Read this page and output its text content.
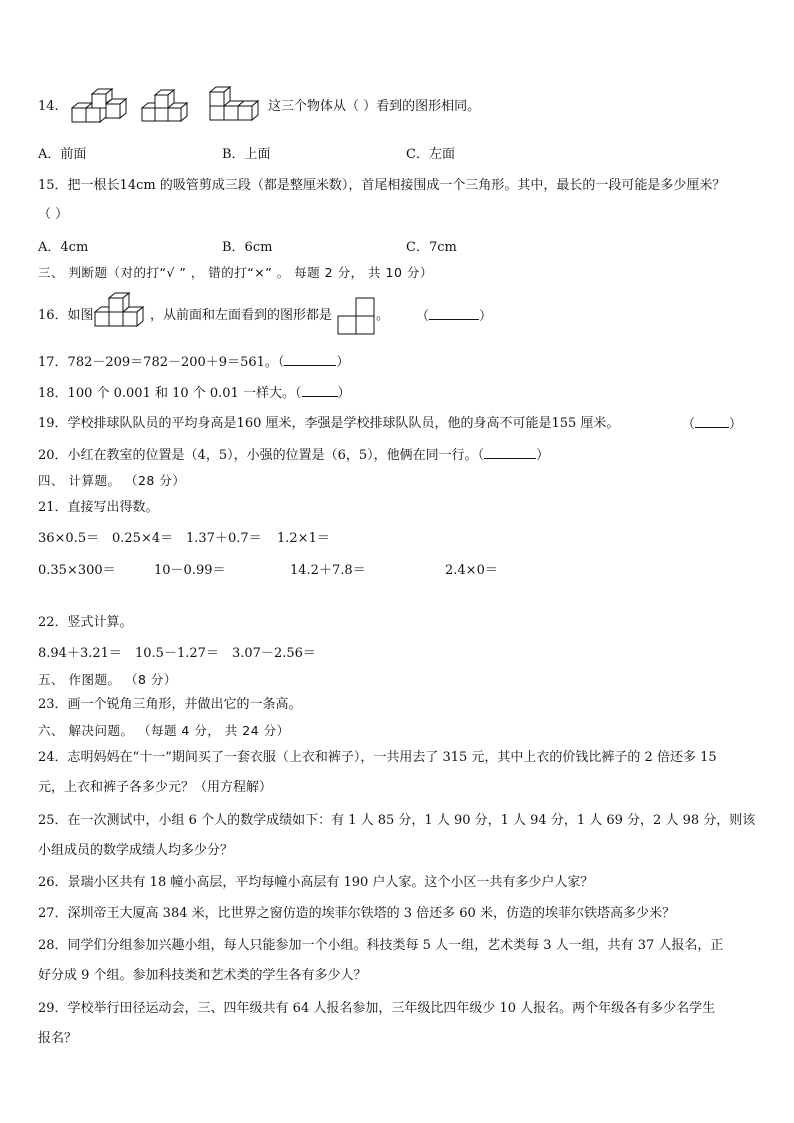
14.	这三个物体从（ ）看到的图形相同。
A．前面	B．上面	C．左面
15．把一根长14cm 的吸管剪成三段（都是整厘米数），首尾相接围成一个三角形。其中，最长的一段可能是多少厘米？
（ ）
A．4cm	B．6cm	C．7cm
三、 判断题（对的打“√ ” ， 错的打“×” 。 每题 2 分， 共 10 分）
16．如图	，从前面和左面看到的图形都是	。 （	）
17．782－209＝782－200＋9＝561。（	）
18．100 个 0.001 和 10 个 0.01 一样大。（	）
19．学校排球队队员的平均身高是160 厘米，李强是学校排球队队员，他的身高不可能是155 厘米。	（	）
20．小红在教室的位置是（4，5），小强的位置是（6，5），他俩在同一行。（	）
四、 计算题。 （28 分）
21．直接写出得数。
36×0.5＝ 0.25×4＝ 1.37＋0.7＝ 1.2×1＝
0.35×300＝	10－0.99＝	14.2＋7.8＝	2.4×0＝
22．竖式计算。
8.94＋3.21＝ 10.5－1.27＝ 3.07－2.56＝
五、 作图题。 （8 分）
23．画一个锐角三角形，并做出它的一条高。
六、 解决问题。 （每题 4 分， 共 24 分）
24．志明妈妈在“十一”期间买了一套衣服（上衣和裤子），一共用去了 315 元，其中上衣的价钱比裤子的 2 倍还多 15
元，上衣和裤子各多少元？（用方程解）
25．在一次测试中，小组 6 个人的数学成绩如下：有 1 人 85 分，1 人 90 分，1 人 94 分，1 人 69 分，2 人 98 分，则该
小组成员的数学成绩人均多少分？
26．景瑞小区共有 18 幢小高层，平均每幢小高层有 190 户人家。这个小区一共有多少户人家？
27．深圳帝王大厦高 384 米，比世界之窗仿造的埃菲尔铁塔的 3 倍还多 60 米，仿造的埃菲尔铁塔高多少米？
28．同学们分组参加兴趣小组，每人只能参加一个小组。科技类每 5 人一组，艺术类每 3 人一组，共有 37 人报名，正
好分成 9 个组。参加科技类和艺术类的学生各有多少人？
29．学校举行田径运动会，三、四年级共有 64 人报名参加，三年级比四年级少 10 人报名。两个年级各有多少名学生
报名？
